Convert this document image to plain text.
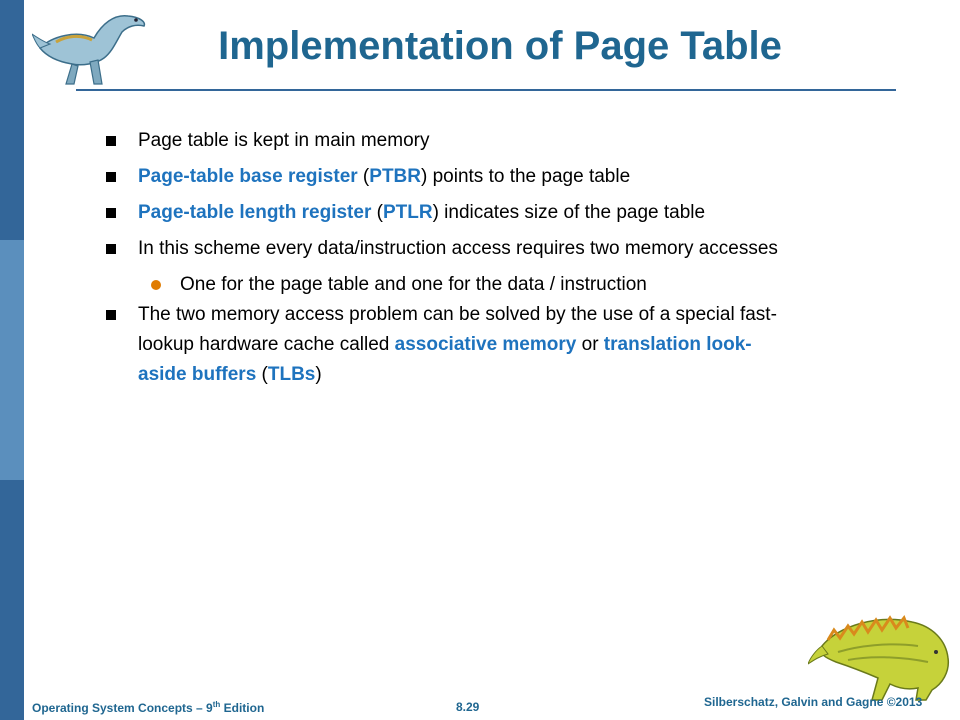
Implementation of Page Table
Page table is kept in main memory
Page-table base register (PTBR) points to the page table
Page-table length register (PTLR) indicates size of the page table
In this scheme every data/instruction access requires two memory accesses
One for the page table and one for the data / instruction
The two memory access problem can be solved by the use of a special fast-lookup hardware cache called associative memory or translation look-aside buffers (TLBs)
Operating System Concepts – 9th Edition	8.29	Silberschatz, Galvin and Gagne ©2013
